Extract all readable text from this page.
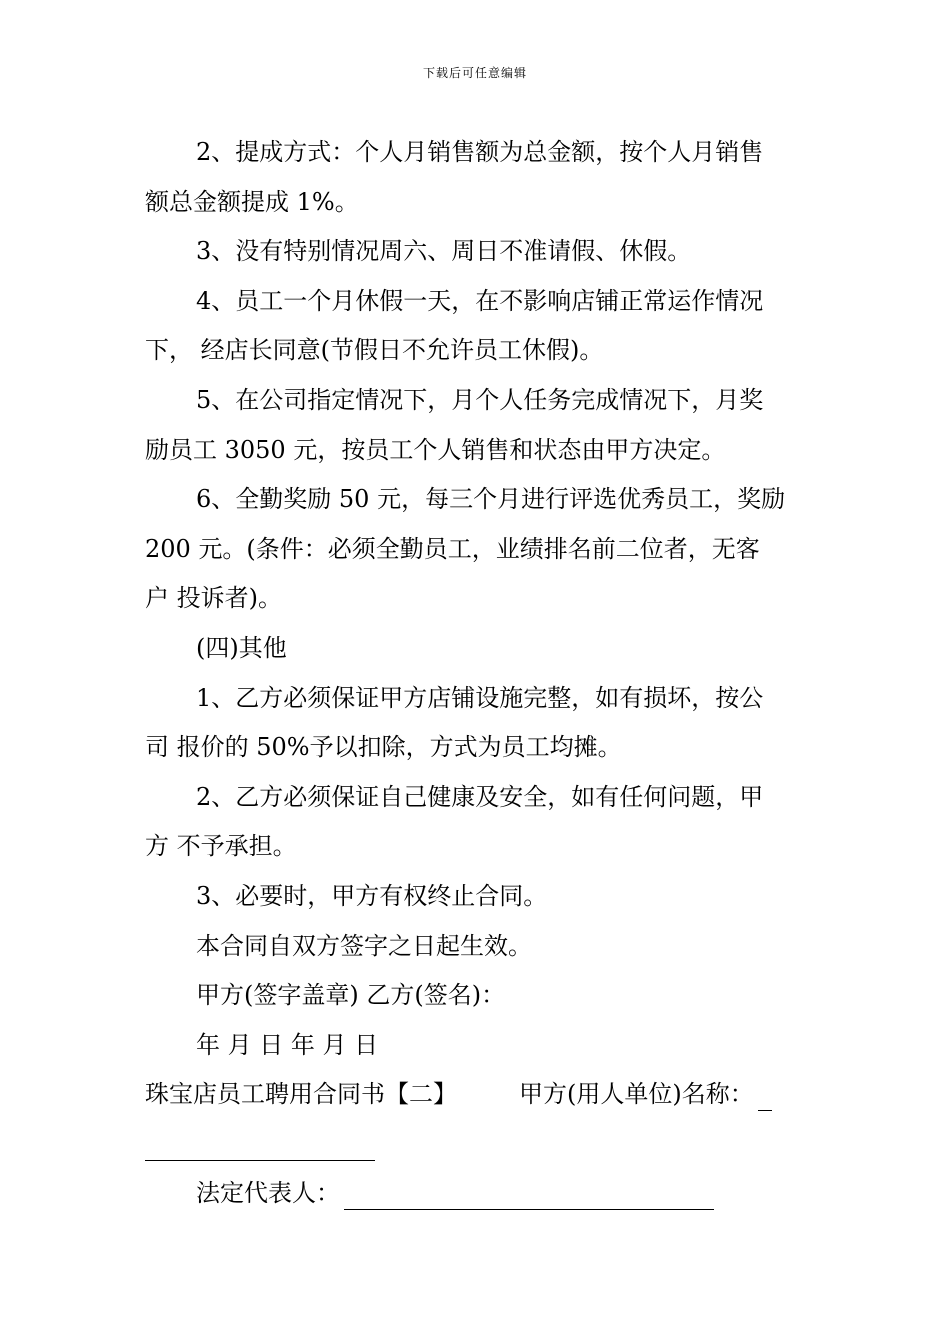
下载后可任意编辑
2、提成方式：个人月销售额为总金额，按个人月销售
额总金额提成 1%。
3、没有特别情况周六、周日不准请假、休假。
4、员工一个月休假一天，在不影响店铺正常运作情况
下， 经店长同意(节假日不允许员工休假)。
5、在公司指定情况下，月个人任务完成情况下，月奖
励员工 3050 元，按员工个人销售和状态由甲方决定。
6、全勤奖励 50 元，每三个月进行评选优秀员工，奖励
200 元。(条件：必须全勤员工，业绩排名前二位者，无客
户 投诉者)。
(四)其他
1、乙方必须保证甲方店铺设施完整，如有损坏，按公
司 报价的 50%予以扣除，方式为员工均摊。
2、乙方必须保证自己健康及安全，如有任何问题，甲
方 不予承担。
3、必要时，甲方有权终止合同。
本合同自双方签字之日起生效。
甲方(签字盖章) 乙方(签名)：
年 月 日 年 月 日
珠宝店员工聘用合同书【二】	甲方(用人单位)名称：
法定代表人：
